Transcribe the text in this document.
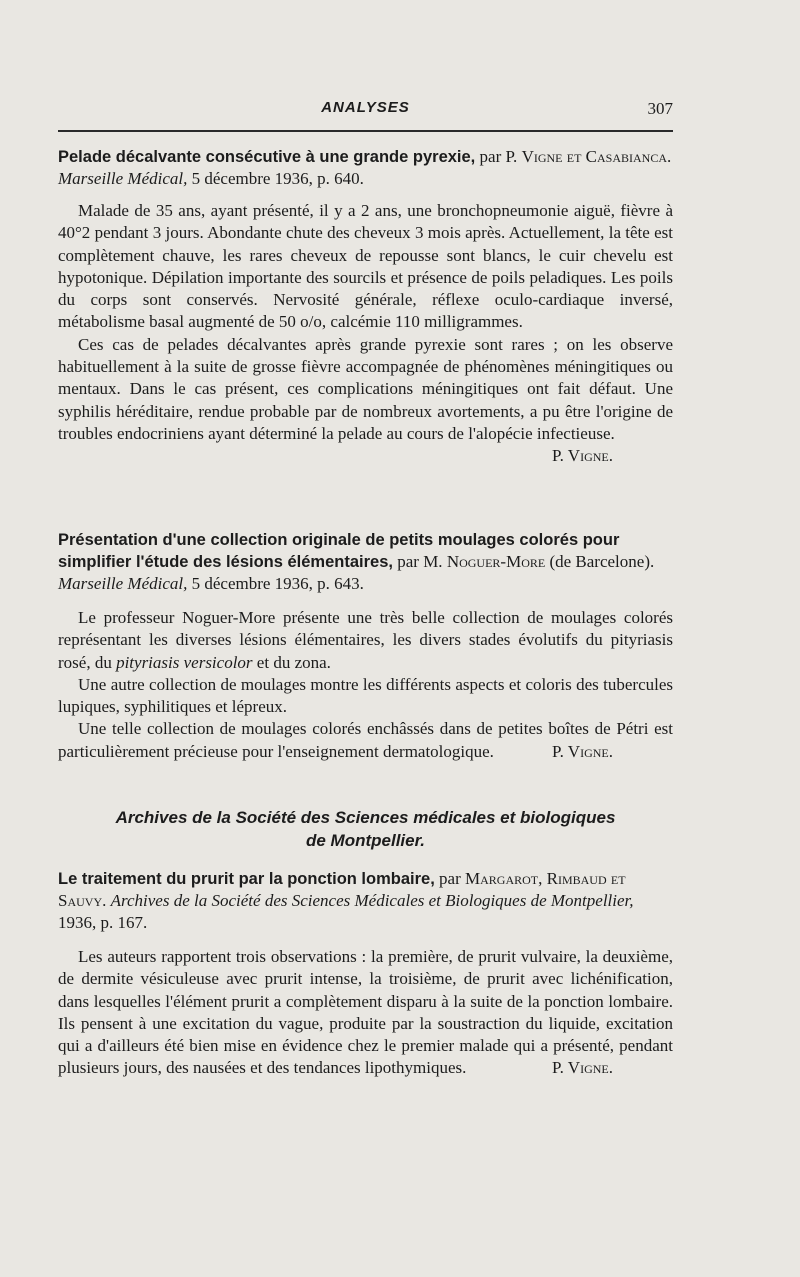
ANALYSES	307
Pelade décalvante consécutive à une grande pyrexie, par P. Vigne et Casabianca. Marseille Médical, 5 décembre 1936, p. 640.

Malade de 35 ans, ayant présenté, il y a 2 ans, une bronchopneumonie aiguë, fièvre à 40°2 pendant 3 jours. Abondante chute des cheveux 3 mois après. Actuellement, la tête est complètement chauve, les rares cheveux de repousse sont blancs, le cuir chevelu est hypotonique. Dépilation importante des sourcils et présence de poils peladiques. Les poils du corps sont conservés. Nervosité générale, réflexe oculo-cardiaque inversé, métabolisme basal augmenté de 50 o/o, calcémie 110 milligrammes.

Ces cas de pelades décalvantes après grande pyrexie sont rares ; on les observe habituellement à la suite de grosse fièvre accompagnée de phénomènes méningitiques ou mentaux. Dans le cas présent, ces complications méningitiques ont fait défaut. Une syphilis héréditaire, rendue probable par de nombreux avortements, a pu être l'origine de troubles endocriniens ayant déterminé la pelade au cours de l'alopécie infectieuse.

P. Vigne.
Présentation d'une collection originale de petits moulages colorés pour simplifier l'étude des lésions élémentaires, par M. Noguer-More (de Barcelone). Marseille Médical, 5 décembre 1936, p. 643.

Le professeur Noguer-More présente une très belle collection de moulages colorés représentant les diverses lésions élémentaires, les divers stades évolutifs du pityriasis rosé, du pityriasis versicolor et du zona.

Une autre collection de moulages montre les différents aspects et coloris des tubercules lupiques, syphilitiques et lépreux.

Une telle collection de moulages colorés enchâssés dans de petites boîtes de Pétri est particulièrement précieuse pour l'enseignement dermatologique.	P. Vigne.

Archives de la Société des Sciences médicales et biologiques
de Montpellier.
Le traitement du prurit par la ponction lombaire, par Margarot, Rimbaud et Sauvy. Archives de la Société des Sciences Médicales et Biologiques de Montpellier, 1936, p. 167.

Les auteurs rapportent trois observations : la première, de prurit vulvaire, la deuxième, de dermite vésiculeuse avec prurit intense, la troisième, de prurit avec lichénification, dans lesquelles l'élément prurit a complètement disparu à la suite de la ponction lombaire. Ils pensent à une excitation du vague, produite par la soustraction du liquide, excitation qui a d'ailleurs été bien mise en évidence chez le premier malade qui a présenté, pendant plusieurs jours, des nausées et des tendances lipothymiques.	P. Vigne.
